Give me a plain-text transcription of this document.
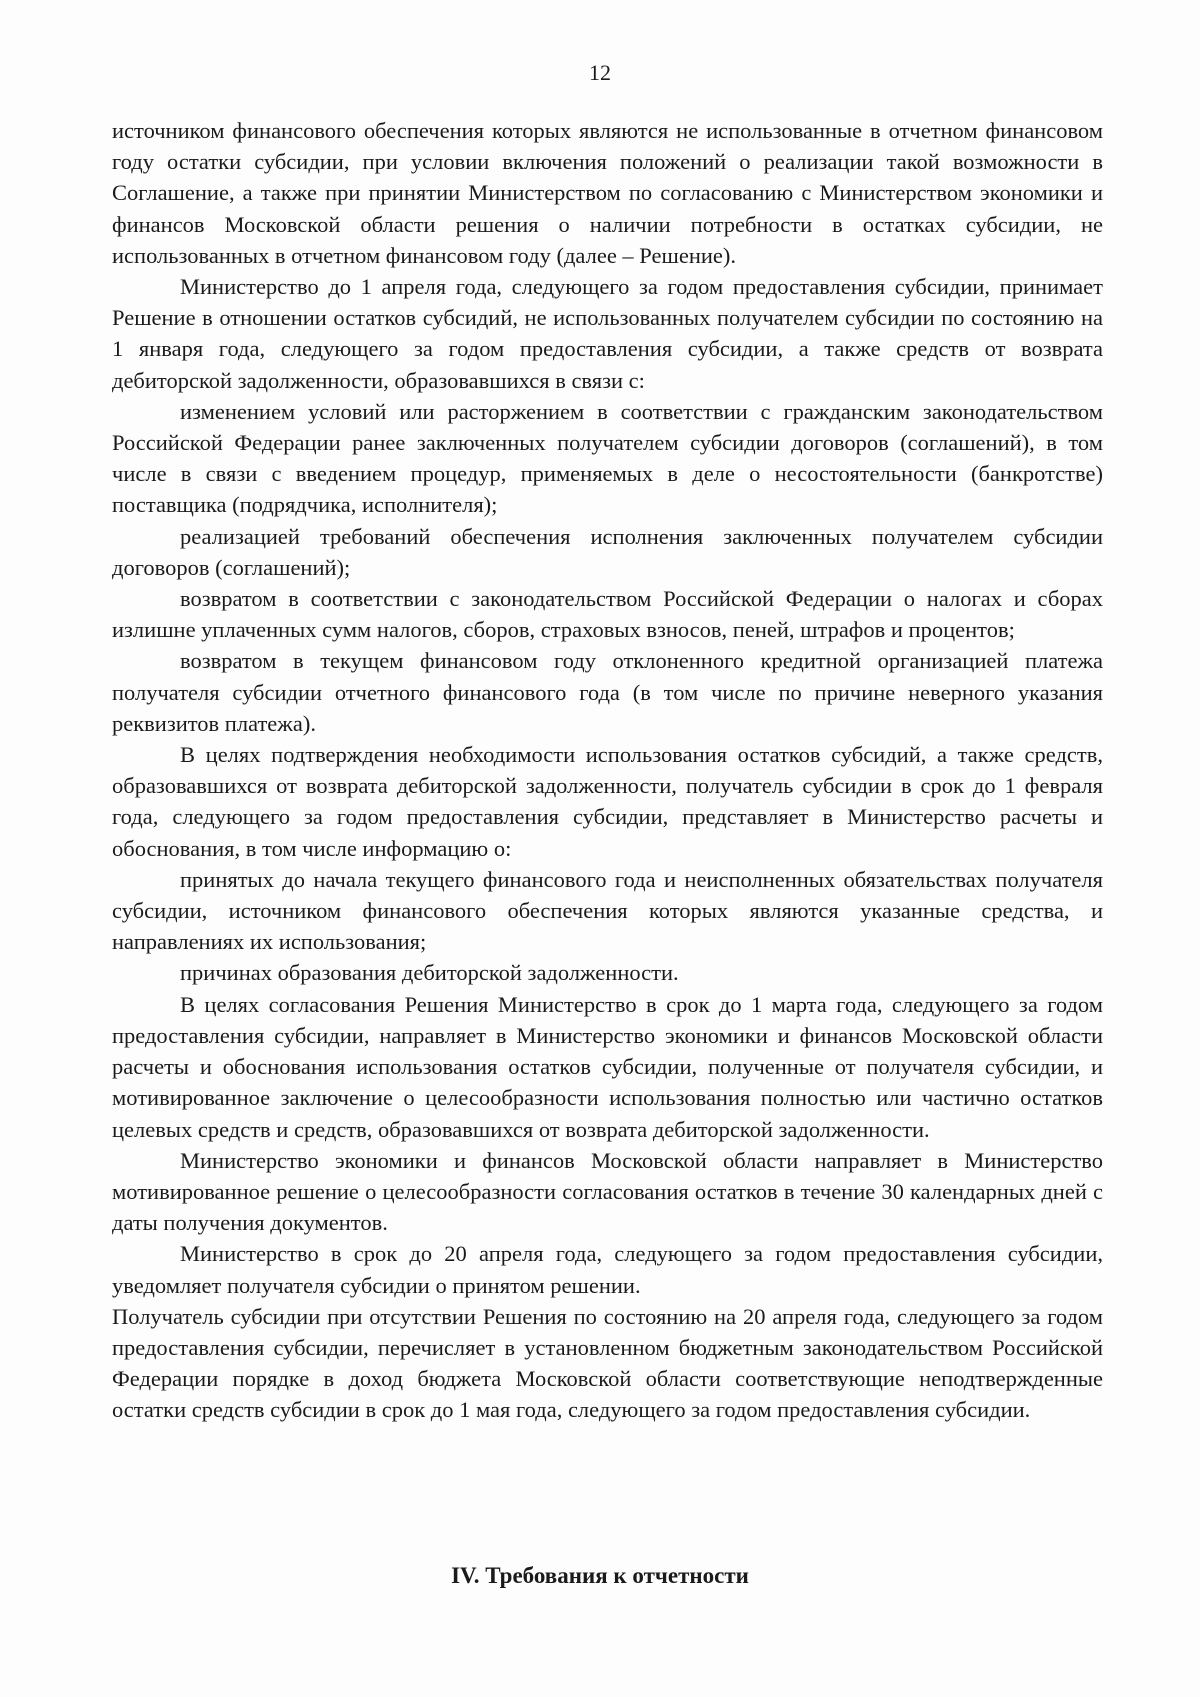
12

источником финансового обеспечения которых являются не использованные в отчетном финансовом году остатки субсидии, при условии включения положений о реализации такой возможности в Соглашение, а также при принятии Министерством по согласованию с Министерством экономики и финансов Московской области решения о наличии потребности в остатках субсидии, не использованных в отчетном финансовом году (далее – Решение).

Министерство до 1 апреля года, следующего за годом предоставления субсидии, принимает Решение в отношении остатков субсидий, не использованных получателем субсидии по состоянию на 1 января года, следующего за годом предоставления субсидии, а также средств от возврата дебиторской задолженности, образовавшихся в связи с:

изменением условий или расторжением в соответствии с гражданским законодательством Российской Федерации ранее заключенных получателем субсидии договоров (соглашений), в том числе в связи с введением процедур, применяемых в деле о несостоятельности (банкротстве) поставщика (подрядчика, исполнителя);

реализацией требований обеспечения исполнения заключенных получателем субсидии договоров (соглашений);

возвратом в соответствии с законодательством Российской Федерации о налогах и сборах излишне уплаченных сумм налогов, сборов, страховых взносов, пеней, штрафов и процентов;

возвратом в текущем финансовом году отклоненного кредитной организацией платежа получателя субсидии отчетного финансового года (в том числе по причине неверного указания реквизитов платежа).

В целях подтверждения необходимости использования остатков субсидий, а также средств, образовавшихся от возврата дебиторской задолженности, получатель субсидии в срок до 1 февраля года, следующего за годом предоставления субсидии, представляет в Министерство расчеты и обоснования, в том числе информацию о:

принятых до начала текущего финансового года и неисполненных обязательствах получателя субсидии, источником финансового обеспечения которых являются указанные средства, и направлениях их использования;

причинах образования дебиторской задолженности.

В целях согласования Решения Министерство в срок до 1 марта года, следующего за годом предоставления субсидии, направляет в Министерство экономики и финансов Московской области расчеты и обоснования использования остатков субсидии, полученные от получателя субсидии, и мотивированное заключение о целесообразности использования полностью или частично остатков целевых средств и средств, образовавшихся от возврата дебиторской задолженности.

Министерство экономики и финансов Московской области направляет в Министерство мотивированное решение о целесообразности согласования остатков в течение 30 календарных дней с даты получения документов.

Министерство в срок до 20 апреля года, следующего за годом предоставления субсидии, уведомляет получателя субсидии о принятом решении.

Получатель субсидии при отсутствии Решения по состоянию на 20 апреля года, следующего за годом предоставления субсидии, перечисляет в установленном бюджетным законодательством Российской Федерации порядке в доход бюджета Московской области соответствующие неподтвержденные остатки средств субсидии в срок до 1 мая года, следующего за годом предоставления субсидии.

IV. Требования к отчетности
